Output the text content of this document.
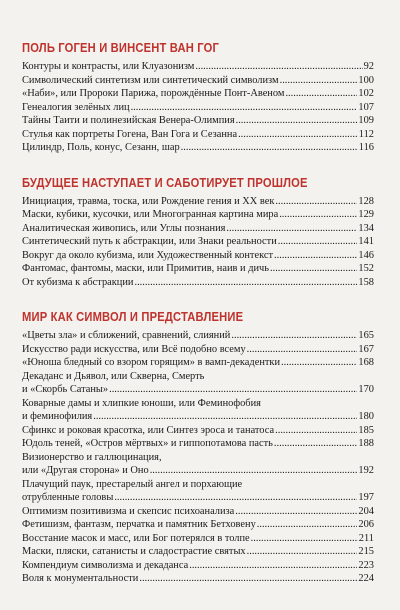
ПОЛЬ ГОГЕН И ВИНСЕНТ ВАН ГОГ
Контуры и контрасты, или Клуазонизм .....	92
Символический синтетизм или синтетический символизм .....	100
«Наби», или Пророки Парижа, порождённые Понт-Авеном .....	102
Генеалогия зелёных лиц .....	107
Тайны Таити и полинезийская Венера-Олимпия .....	109
Стулья как портреты Гогена, Ван Гога и Сезанна .....	112
Цилиндр, Поль, конус, Сезанн, шар .....	116
БУДУЩЕЕ НАСТУПАЕТ И САБОТИРУЕТ ПРОШЛОЕ
Инициация, травма, тоска, или Рождение гения и ХХ век .....	128
Маски, кубики, кусочки, или Многогранная картина мира .....	129
Аналитическая живопись, или Углы познания .....	134
Синтетический путь к абстракции, или Знаки реальности .....	141
Вокруг да около кубизма, или Художественный контекст .....	146
Фантомас, фантомы, маски, или Примитив, наив и дичь .....	152
От кубизма к абстракции .....	158
МИР КАК СИМВОЛ И ПРЕДСТАВЛЕНИЕ
«Цветы зла» и сближений, сравнений, слияний .....	165
Искусство ради искусства, или Всё подобно всему .....	167
«Юноша бледный со взором горящим» в вамп-декадентки .....	168
Декаданс и Дьявол, или Скверна, Смерть
и «Скорбь Сатаны» .....	170
Коварные дамы и хлипкие юноши, или Феминофобия
и феминофилия .....	180
Сфинкс и роковая красотка, или Синтез эроса и танатоса .....	185
Юдоль теней, «Остров мёртвых» и гиппопотамова пасть .....	188
Визионерство и галлюцинация,
или «Другая сторона» и Оно .....	192
Плачущий паук, престарелый ангел и порхающие
отрубленные головы .....	197
Оптимизм позитивизма и скепсис психоанализа .....	204
Фетишизм, фантазм, перчатка и памятник Бетховену .....	206
Восстание масок и масс, или Бог потерялся в толпе .....	211
Маски, пляски, сатанисты и сладострастие святых .....	215
Компендиум символизма и декаданса .....	223
Воля к монументальности .....	224
